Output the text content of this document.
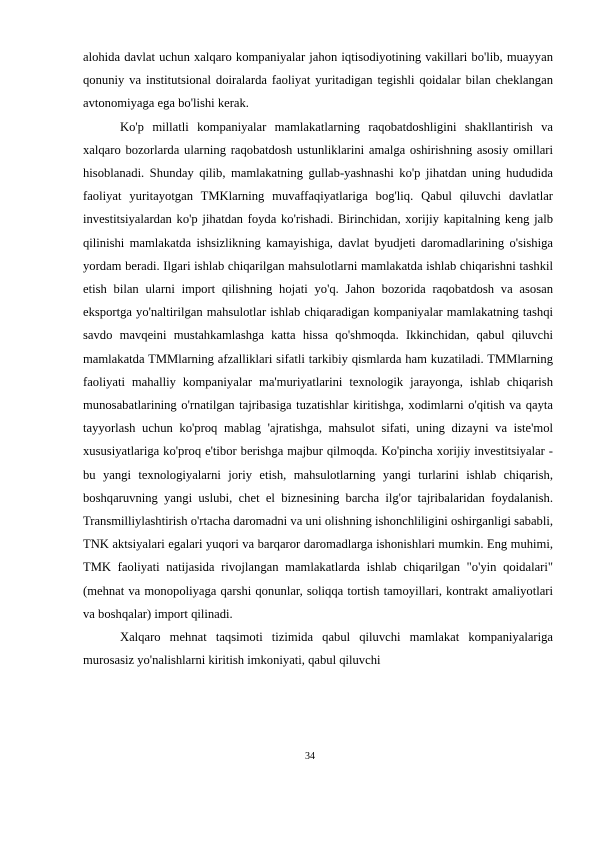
alohida davlat uchun xalqaro kompaniyalar jahon iqtisodiyotining vakillari bo'lib, muayyan qonuniy va institutsional doiralarda faoliyat yuritadigan tegishli qoidalar bilan cheklangan avtonomiyaga ega bo'lishi kerak.

Ko'p millatli kompaniyalar mamlakatlarning raqobatdoshligini shakllantirish va xalqaro bozorlarda ularning raqobatdosh ustunliklarini amalga oshirishning asosiy omillari hisoblanadi. Shunday qilib, mamlakatning gullab-yashnashi ko'p jihatdan uning hududida faoliyat yuritayotgan TMKlarning muvaffaqiyatlariga bog'liq. Qabul qiluvchi davlatlar investitsiyalardan ko'p jihatdan foyda ko'rishadi. Birinchidan, xorijiy kapitalning keng jalb qilinishi mamlakatda ishsizlikning kamayishiga, davlat byudjeti daromadlarining o'sishiga yordam beradi. Ilgari ishlab chiqarilgan mahsulotlarni mamlakatda ishlab chiqarishni tashkil etish bilan ularni import qilishning hojati yo'q. Jahon bozorida raqobatdosh va asosan eksportga yo'naltirilgan mahsulotlar ishlab chiqaradigan kompaniyalar mamlakatning tashqi savdo mavqeini mustahkamlashga katta hissa qo'shmoqda. Ikkinchidan, qabul qiluvchi mamlakatda TMMlarning afzalliklari sifatli tarkibiy qismlarda ham kuzatiladi. TMMlarning faoliyati mahalliy kompaniyalar ma'muriyatlarini texnologik jarayonga, ishlab chiqarish munosabatlarining o'rnatilgan tajribasiga tuzatishlar kiritishga, xodimlarni o'qitish va qayta tayyorlash uchun ko'proq mablag 'ajratishga, mahsulot sifati, uning dizayni va iste'mol xususiyatlariga ko'proq e'tibor berishga majbur qilmoqda. Ko'pincha xorijiy investitsiyalar - bu yangi texnologiyalarni joriy etish, mahsulotlarning yangi turlarini ishlab chiqarish, boshqaruvning yangi uslubi, chet el biznesining barcha ilg'or tajribalaridan foydalanish. Transmilliylashtirish o'rtacha daromadni va uni olishning ishonchliligini oshirganligi sababli, TNK aktsiyalari egalari yuqori va barqaror daromadlarga ishonishlari mumkin. Eng muhimi, TMK faoliyati natijasida rivojlangan mamlakatlarda ishlab chiqarilgan "o'yin qoidalari" (mehnat va monopoliyaga qarshi qonunlar, soliqqa tortish tamoyillari, kontrakt amaliyotlari va boshqalar) import qilinadi.

Xalqaro mehnat taqsimoti tizimida qabul qiluvchi mamlakat kompaniyalariga murosasiz yo'nalishlarni kiritish imkoniyati, qabul qiluvchi

34
